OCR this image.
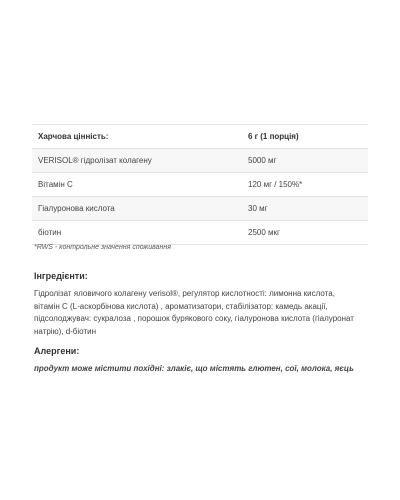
Харчова цінність:	6 г (1 порція)
VERISOL® гідролізат колагену	5000 мг
Вітамін С	120 мг / 150%*
Гіалуронова кислота	30 мг
біотин	2500 мкг
*RWS - контрольне значення споживання
Інгредієнти:
Гідролізат яловичого колагену verisol®, регулятор кислотності: лимонна кислота,
вітамін С (L-аскорбінова кислота) , ароматизатори, стабілізатор: камедь акації,
підсолоджувач: сукралоза , порошок бурякового соку, гіалуронова кислота (гіалуронат
натрію), d-біотин
Алергени:
продукт може містити похідні: злакіє, що містять глютен, сої, молока, яєць
